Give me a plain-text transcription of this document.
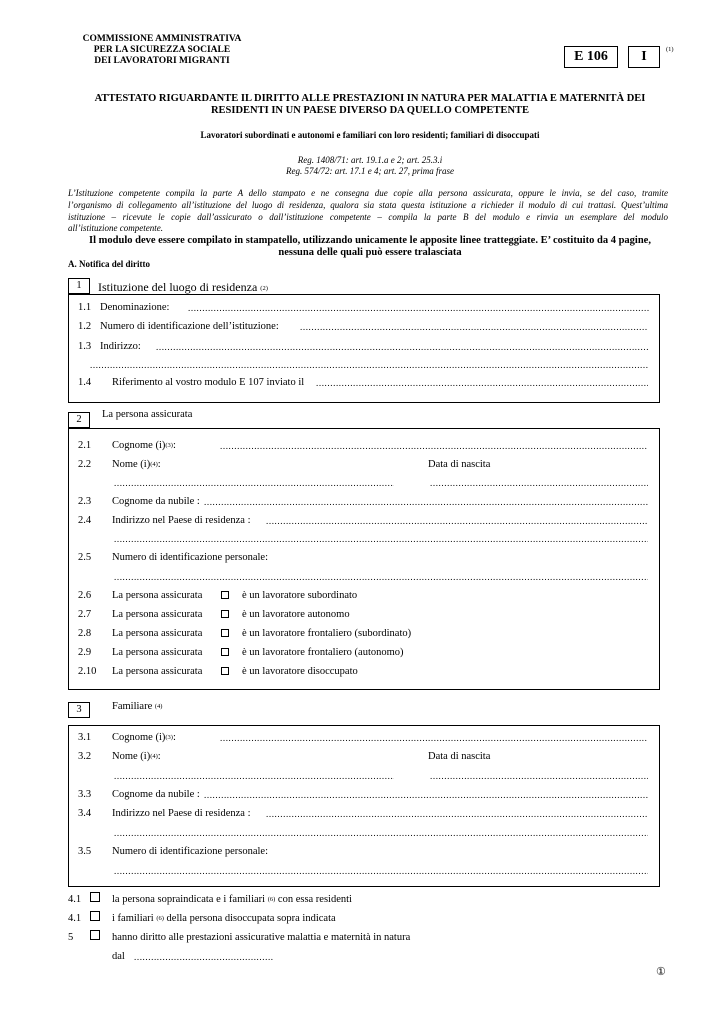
COMMISSIONE AMMINISTRATIVA
PER LA SICUREZZA SOCIALE
DEI LAVORATORI MIGRANTI	E 106	I	(1)
ATTESTATO RIGUARDANTE IL DIRITTO ALLE PRESTAZIONI IN NATURA PER MALATTIA E MATERNITÀ DEI
RESIDENTI IN UN PAESE DIVERSO DA QUELLO COMPETENTE
Lavoratori subordinati e autonomi e familiari con loro residenti; familiari di disoccupati
Reg. 1408/71: art. 19.1.a e 2; art. 25.3.i
Reg. 574/72: art. 17.1 e 4; art. 27, prima frase
L’Istituzione competente compila la parte A dello stampato e ne consegna due copie alla persona assicurata, oppure le invia, se del caso, tramite
l’organismo di collegamento all’istituzione del luogo di residenza, qualora sia stata questa istituzione a richieder il modulo di cui trattasi. Quest’ultima
istituzione – ricevute le copie dall’assicurato o dall’istituzione competente – compila la parte B del modulo e rinvia un esemplare del modulo
all’istituzione competente.
Il modulo deve essere compilato in stampatello, utilizzando unicamente le apposite linee tratteggiate. E’ costituito da 4 pagine,
nessuna delle quali può essere tralasciata
A. Notifica del diritto
1	Istituzione del luogo di residenza (2)
1.1 Denominazione:
.....
1.2 Numero di identificazione dell’istituzione:
.....
1.3 Indirizzo:
.....
.....
1.4 Riferimento al vostro modulo E 107 inviato il
.....
2	La persona assicurata
2.1 Cognome (i)(3):
.....
2.2 Nome (i)(4):	Data di nascita
.....
.....
2.3 Cognome da nubile :
.....
2.4 Indirizzo nel Paese di residenza :
.....
.....
2.5 Numero di identificazione personale:
.....
2.6 La persona assicurata	è un lavoratore subordinato
2.7 La persona assicurata	è un lavoratore autonomo
2.8 La persona assicurata	è un lavoratore frontaliero (subordinato)
2.9 La persona assicurata	è un lavoratore frontaliero (autonomo)
2.10 La persona assicurata	è un lavoratore disoccupato
3	Familiare (4)
3.1 Cognome (i)(3):
.....
3.2 Nome (i)(4):	Data di nascita
.....
.....
3.3 Cognome da nubile :
.....
3.4 Indirizzo nel Paese di residenza :
.....
.....
3.5 Numero di identificazione personale:
.....
4.1	la persona sopraindicata e i familiari (6) con essa residenti
4.1	i familiari (6) della persona disoccupata sopra indicata
5	hanno diritto alle prestazioni assicurative malattia e maternità in natura
dal
.....
①
